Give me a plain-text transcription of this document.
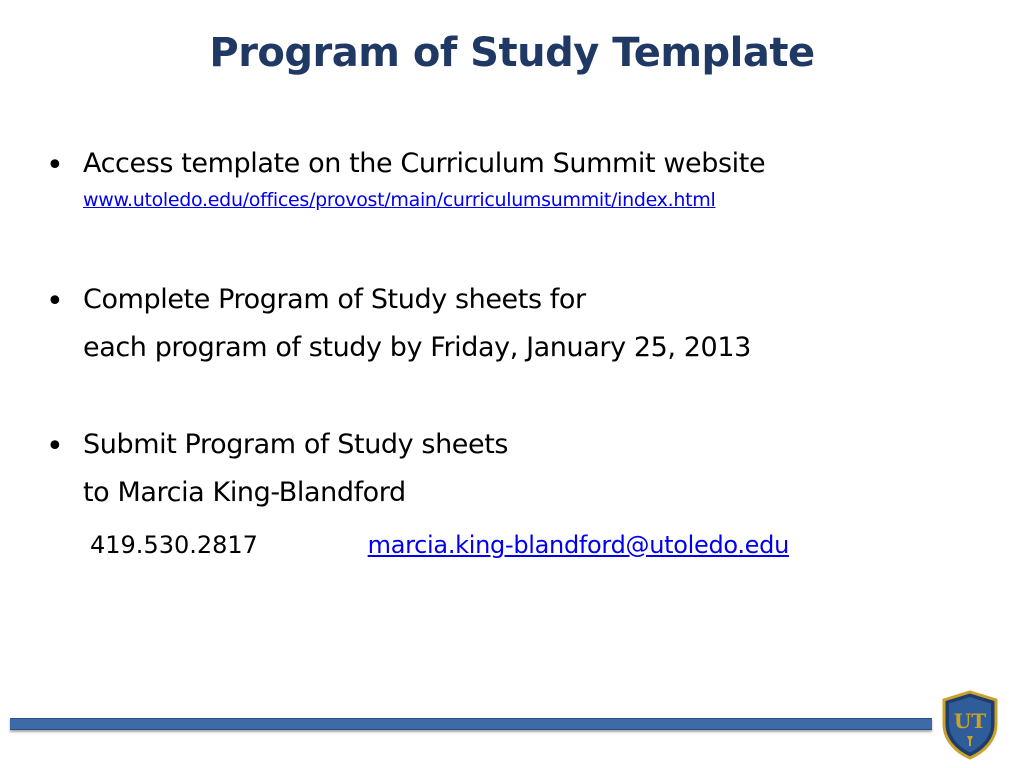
Program of Study Template
• Access template on the Curriculum Summit website
www.utoledo.edu/offices/provost/main/curriculumsummit/index.html
• Complete Program of Study sheets for
each program of study by Friday, January 25, 2013
• Submit Program of Study sheets
to Marcia King-Blandford
419.530.2817	marcia.king-blandford@utoledo.edu
UT
